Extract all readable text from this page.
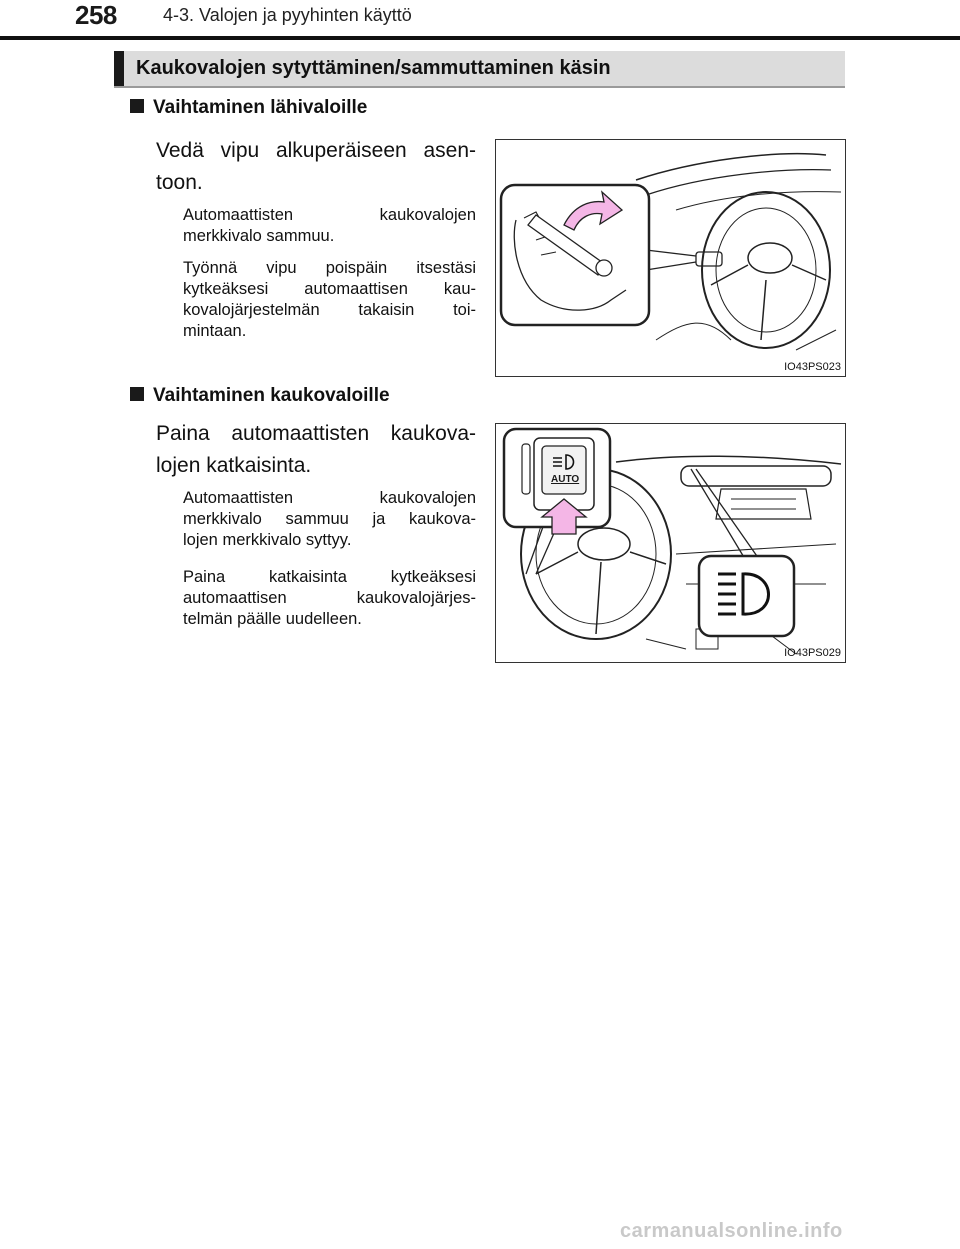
258	4-3. Valojen ja pyyhinten käyttö
Kaukovalojen sytyttäminen/sammuttaminen käsin
Vaihtaminen lähivaloille
Vedä vipu alkuperäiseen asen-
toon.
Automaattisten kaukovalojen
merkkivalo sammuu.
Työnnä vipu poispäin itsestäsi
kytkeäksesi automaattisen kau-
kovalojärjestelmän takaisin toi-
mintaan.
IO43PS023
Vaihtaminen kaukovaloille
Paina automaattisten kaukova-
lojen katkaisinta.
Automaattisten kaukovalojen
merkkivalo sammuu ja kaukova-
lojen merkkivalo syttyy.
Paina katkaisinta kytkeäksesi
automaattisen kaukovalojärjes-
telmän päälle uudelleen.
AUTO
IO43PS029
carmanualsonline.info
